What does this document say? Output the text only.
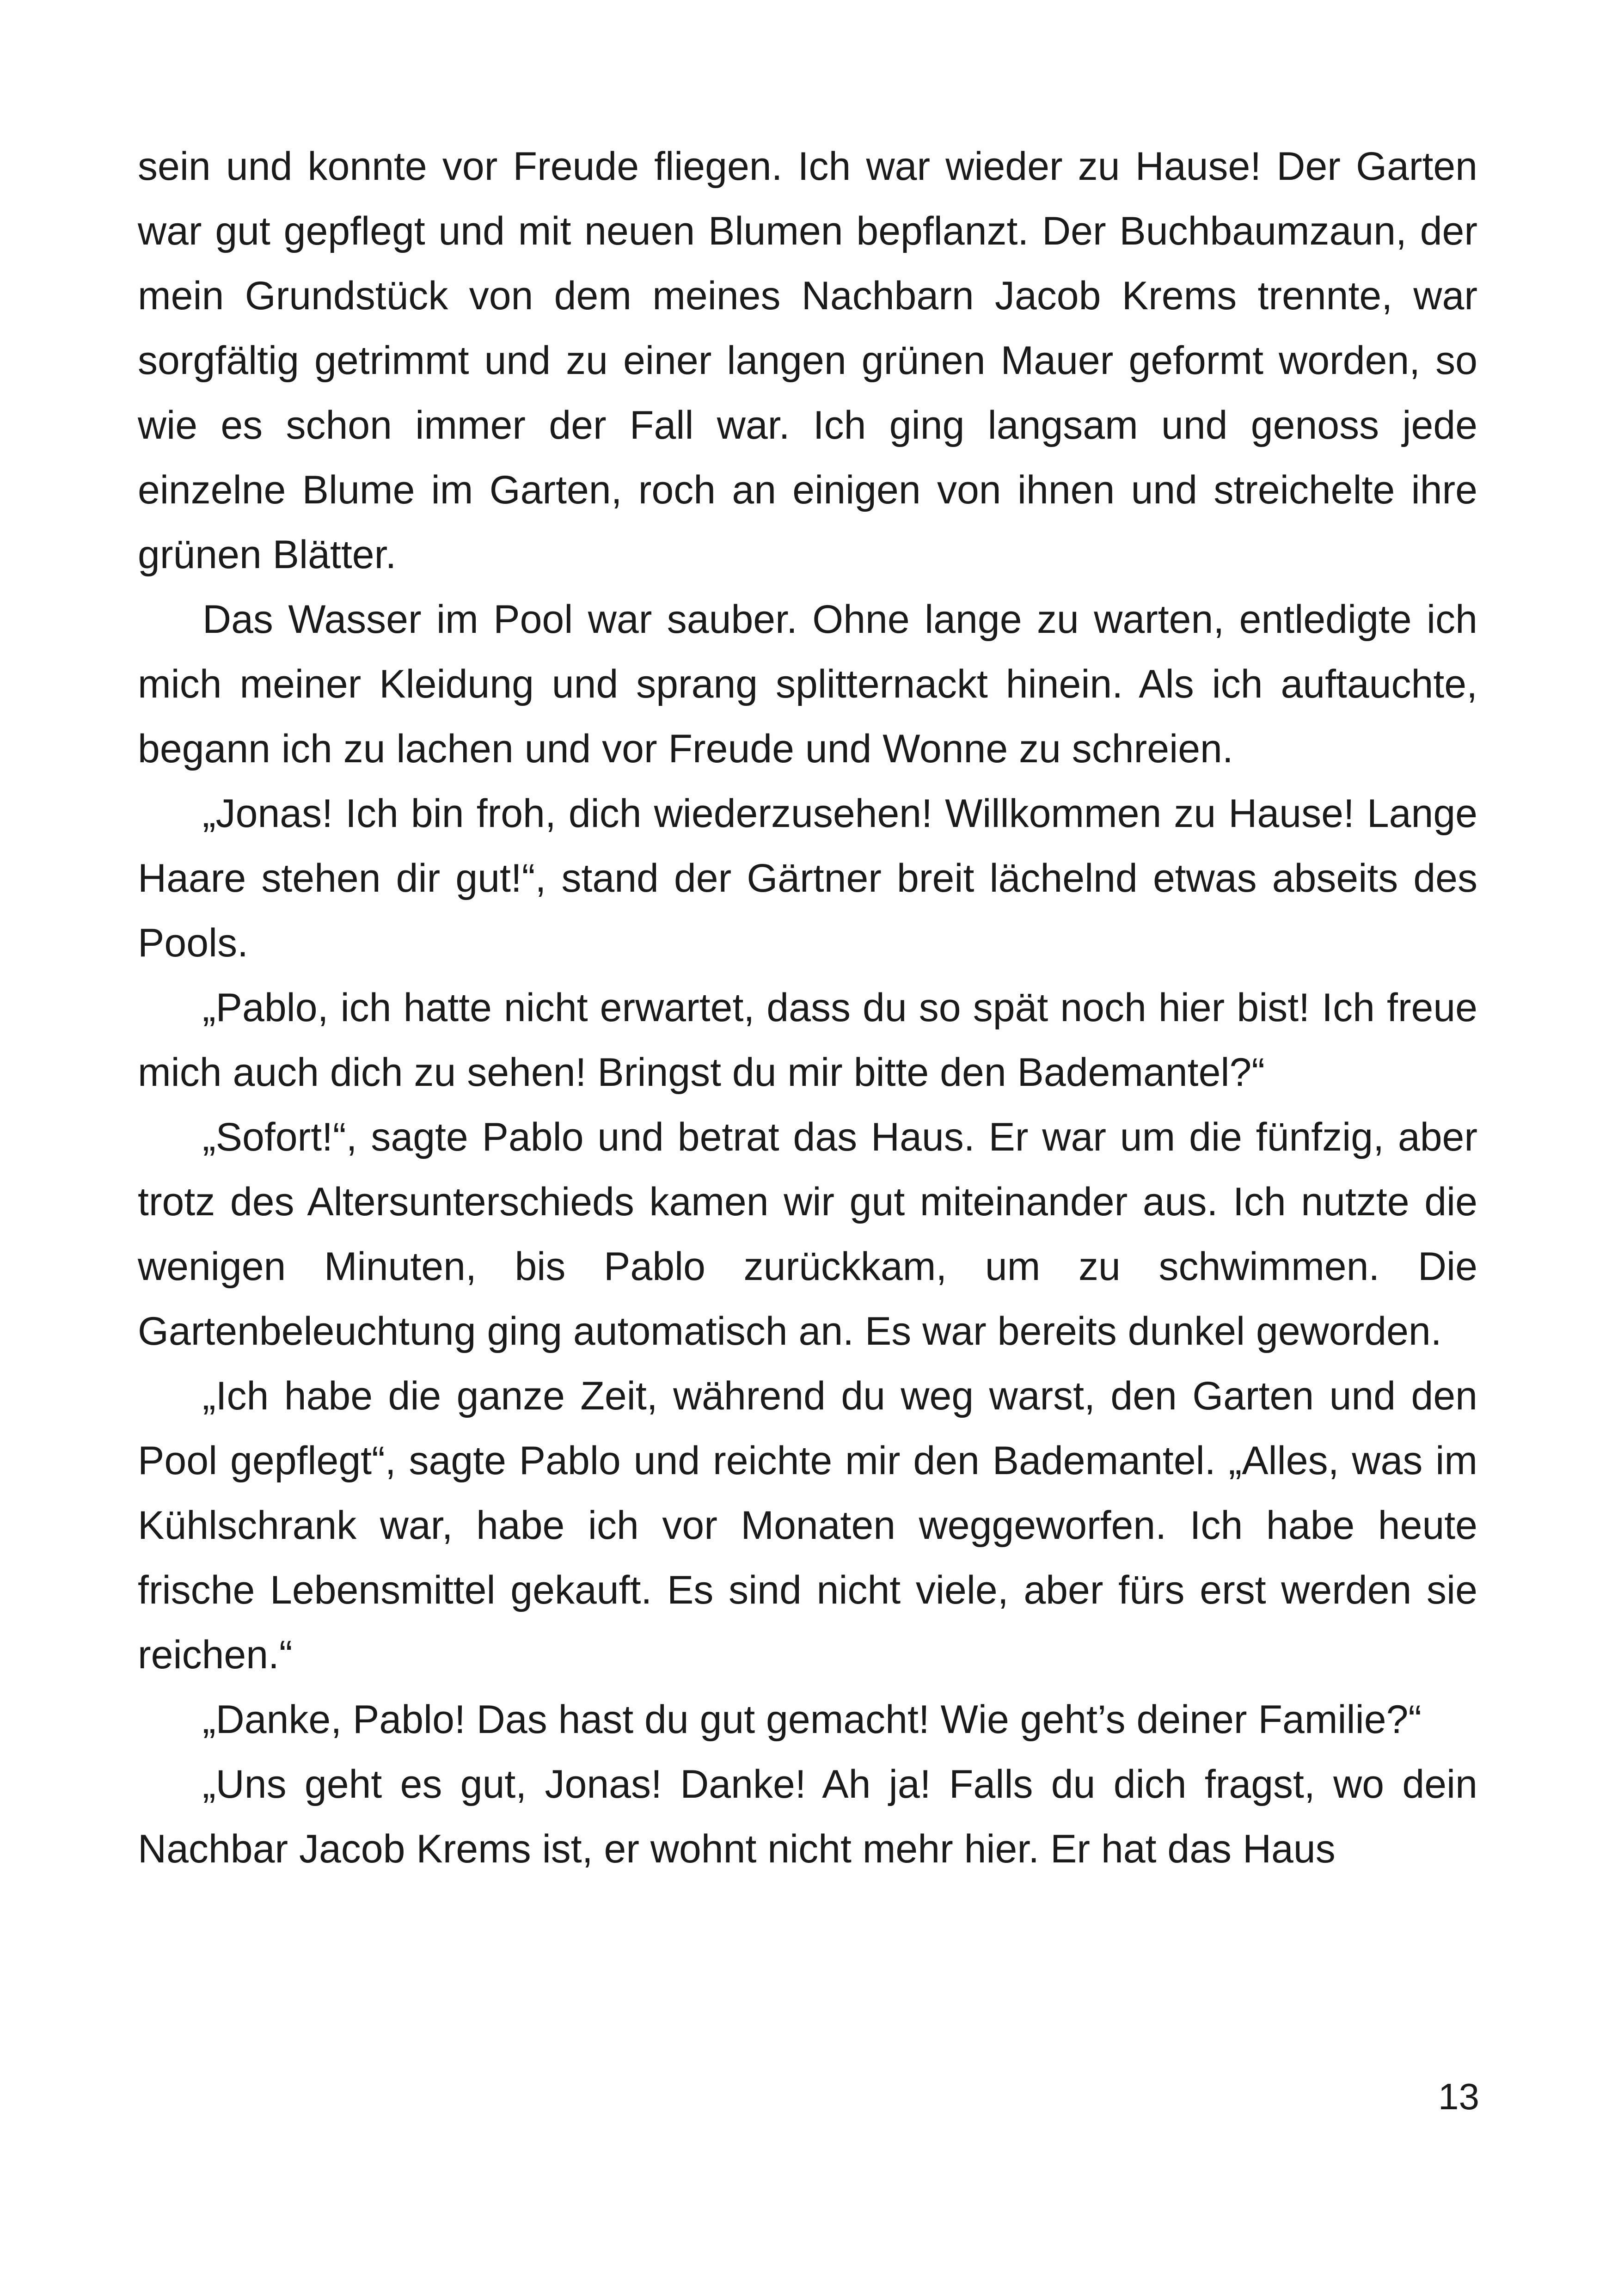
sein und konnte vor Freude fliegen. Ich war wieder zu Hause! Der Garten war gut gepflegt und mit neuen Blumen bepflanzt. Der Buchbaumzaun, der mein Grundstück von dem meines Nachbarn Jacob Krems trennte, war sorgfältig getrimmt und zu einer langen grünen Mauer geformt worden, so wie es schon immer der Fall war. Ich ging langsam und genoss jede einzelne Blume im Garten, roch an einigen von ihnen und streichelte ihre grünen Blätter.

Das Wasser im Pool war sauber. Ohne lange zu warten, entledigte ich mich meiner Kleidung und sprang splitternackt hinein. Als ich auftauchte, begann ich zu lachen und vor Freude und Wonne zu schreien.

„Jonas! Ich bin froh, dich wiederzusehen! Willkommen zu Hause! Lange Haare stehen dir gut!“, stand der Gärtner breit lächelnd etwas abseits des Pools.

„Pablo, ich hatte nicht erwartet, dass du so spät noch hier bist! Ich freue mich auch dich zu sehen! Bringst du mir bitte den Bademantel?“

„Sofort!“, sagte Pablo und betrat das Haus. Er war um die fünfzig, aber trotz des Altersunterschieds kamen wir gut miteinander aus. Ich nutzte die wenigen Minuten, bis Pablo zurückkam, um zu schwimmen. Die Gartenbeleuchtung ging automatisch an. Es war bereits dunkel geworden.

„Ich habe die ganze Zeit, während du weg warst, den Garten und den Pool gepflegt“, sagte Pablo und reichte mir den Bademantel. „Alles, was im Kühlschrank war, habe ich vor Monaten weggeworfen. Ich habe heute frische Lebensmittel gekauft. Es sind nicht viele, aber fürs erst werden sie reichen.“

„Danke, Pablo! Das hast du gut gemacht! Wie geht’s deiner Familie?“

„Uns geht es gut, Jonas! Danke! Ah ja! Falls du dich fragst, wo dein Nachbar Jacob Krems ist, er wohnt nicht mehr hier. Er hat das Haus

13
